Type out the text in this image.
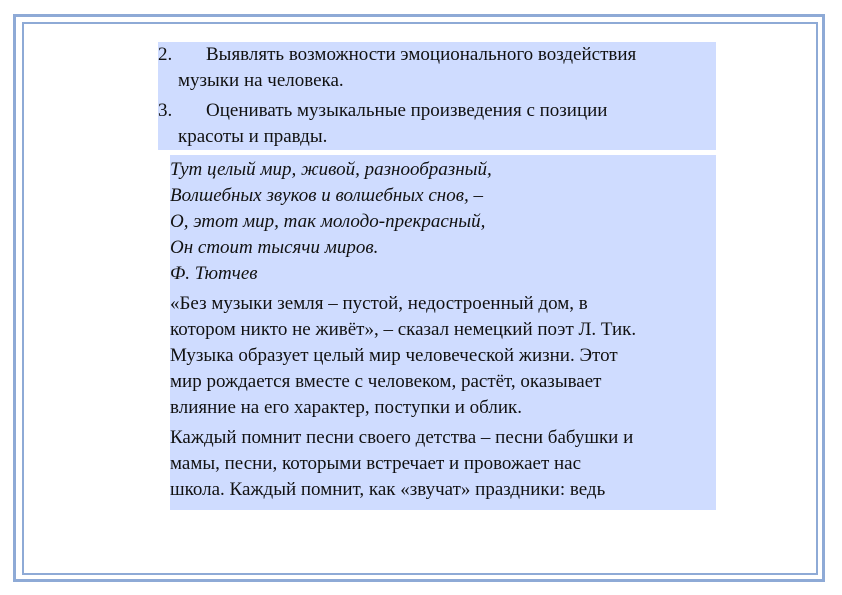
2. Выявлять возможности эмоционального воздействия
музыки на человека.
3. Оценивать музыкальные произведения с позиции
красоты и правды.
Тут целый мир, живой, разнообразный,
Волшебных звуков и волшебных снов, –
О, этот мир, так молодо-прекрасный,
Он стоит тысячи миров.
Ф. Тютчев
«Без музыки земля – пустой, недостроенный дом, в
котором никто не живёт», – сказал немецкий поэт Л. Тик.
Музыка образует целый мир человеческой жизни. Этот
мир рождается вместе с человеком, растёт, оказывает
влияние на его характер, поступки и облик.
Каждый помнит песни своего детства – песни бабушки и
мамы, песни, которыми встречает и провожает нас
школа. Каждый помнит, как «звучат» праздники: ведь
